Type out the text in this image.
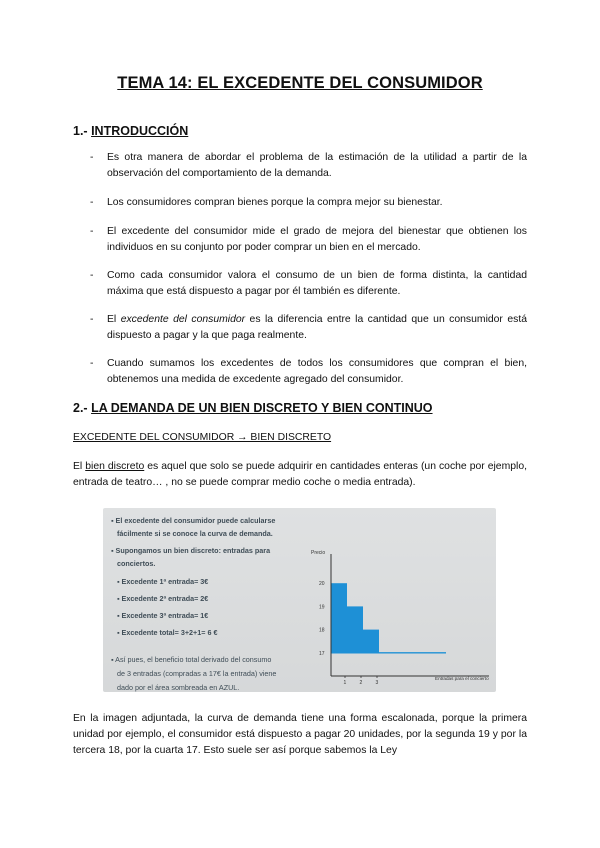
TEMA 14: EL EXCEDENTE DEL CONSUMIDOR
1.- INTRODUCCIÓN
- Es otra manera de abordar el problema de la estimación de la utilidad a partir de la observación del comportamiento de la demanda.
- Los consumidores compran bienes porque la compra mejor su bienestar.
- El excedente del consumidor mide el grado de mejora del bienestar que obtienen los individuos en su conjunto por poder comprar un bien en el mercado.
- Como cada consumidor valora el consumo de un bien de forma distinta, la cantidad máxima que está dispuesto a pagar por él también es diferente.
- El excedente del consumidor es la diferencia entre la cantidad que un consumidor está dispuesto a pagar y la que paga realmente.
- Cuando sumamos los excedentes de todos los consumidores que compran el bien, obtenemos una medida de excedente agregado del consumidor.
2.- LA DEMANDA DE UN BIEN DISCRETO Y BIEN CONTINUO
EXCEDENTE DEL CONSUMIDOR → BIEN DISCRETO
El bien discreto es aquel que solo se puede adquirir en cantidades enteras (un coche por ejemplo, entrada de teatro… , no se puede comprar medio coche o media entrada).
▪ El excedente del consumidor puede calcularse
fácilmente si se conoce la curva de demanda.
▪ Supongamos un bien discreto: entradas para
conciertos.
▪ Excedente 1ª entrada= 3€
▪ Excedente 2ª entrada= 2€
▪ Excedente 3ª entrada= 1€
▪ Excedente total= 3+2+1= 6 €
▪ Así pues, el beneficio total derivado del consumo
de 3 entradas (compradas a 17€ la entrada) viene
dado por el área sombreada en AZUL.
Precio
20
19
18
17
1	2	3
Entradas para el concierto
En la imagen adjuntada, la curva de demanda tiene una forma escalonada, porque la primera unidad por ejemplo, el consumidor está dispuesto a pagar 20 unidades, por la segunda 19 y por la tercera 18, por la cuarta 17. Esto suele ser así porque sabemos la Ley
